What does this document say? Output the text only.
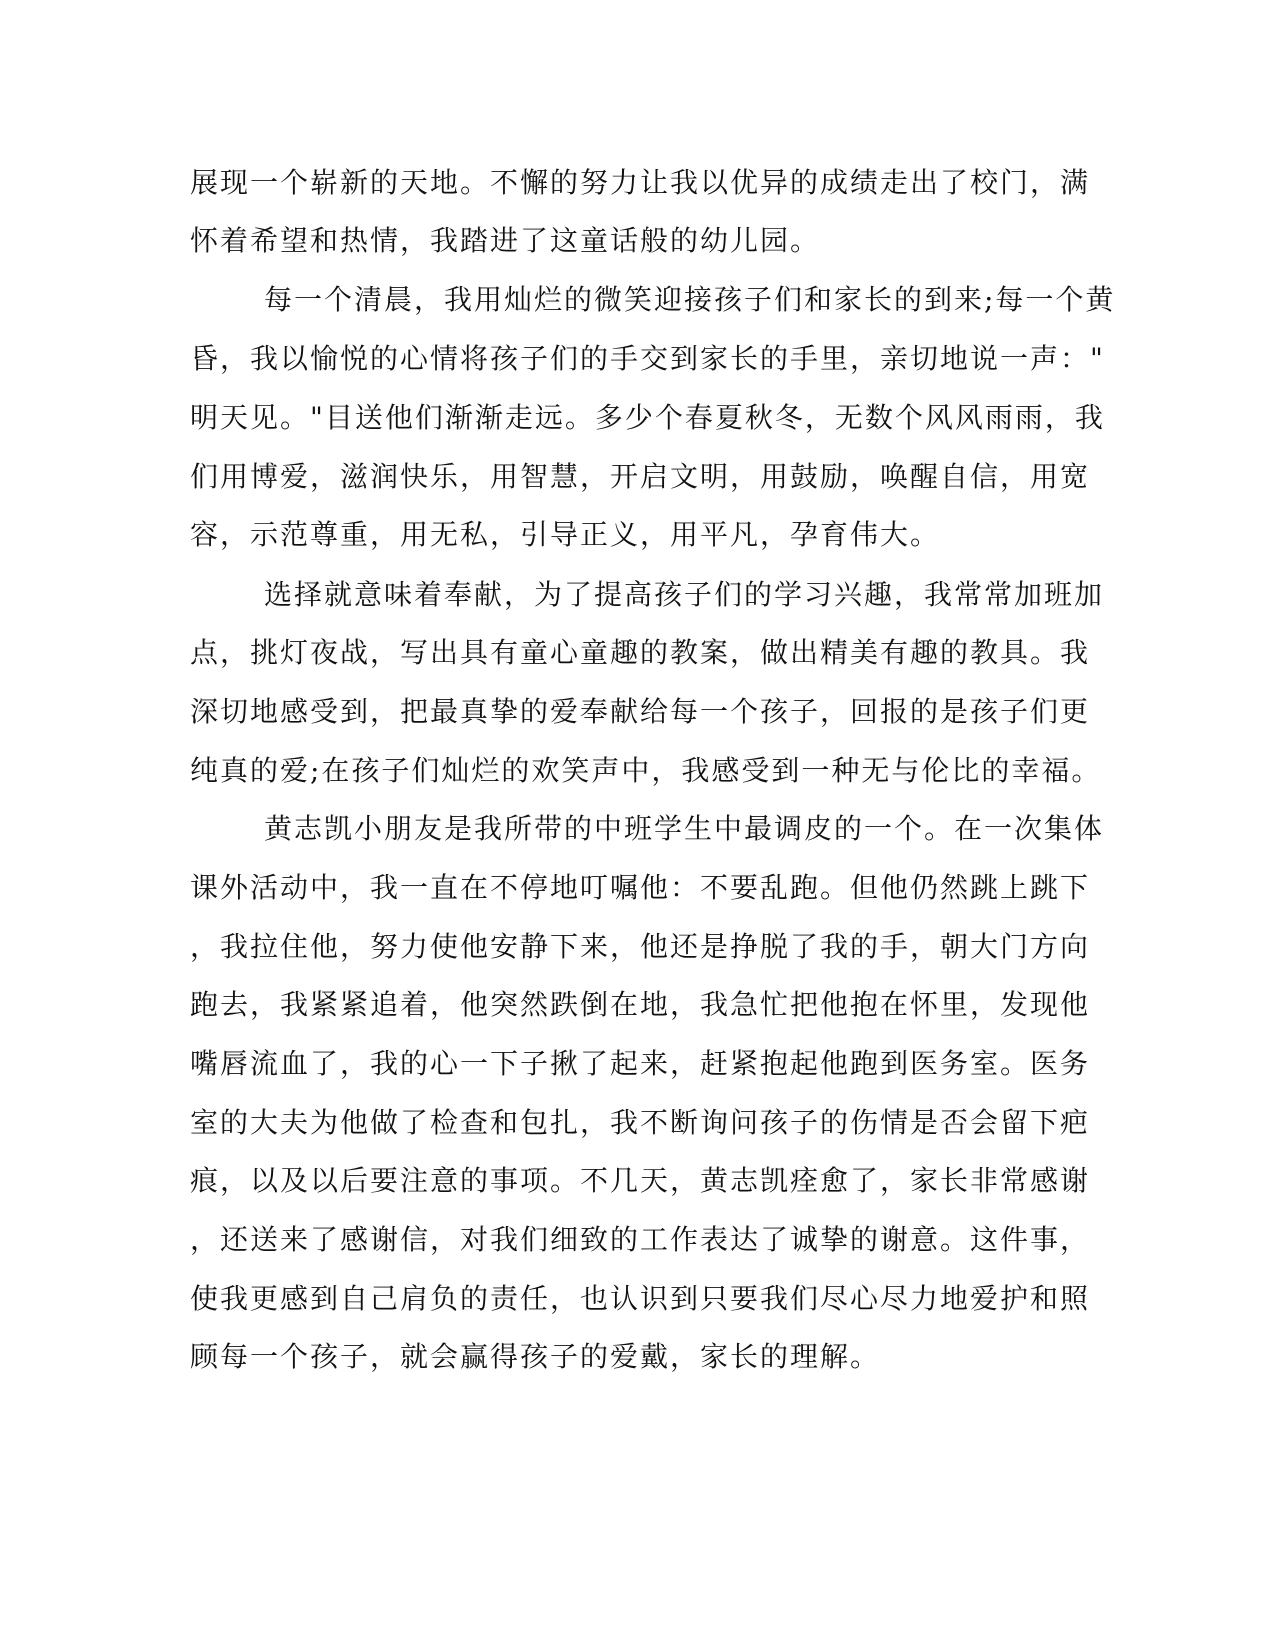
展现一个崭新的天地。不懈的努力让我以优异的成绩走出了校门，满
怀着希望和热情，我踏进了这童话般的幼儿园。
每一个清晨，我用灿烂的微笑迎接孩子们和家长的到来;每一个黄
昏，我以愉悦的心情将孩子们的手交到家长的手里，亲切地说一声："
明天见。"目送他们渐渐走远。多少个春夏秋冬，无数个风风雨雨，我
们用博爱，滋润快乐，用智慧，开启文明，用鼓励，唤醒自信，用宽
容，示范尊重，用无私，引导正义，用平凡，孕育伟大。
选择就意味着奉献，为了提高孩子们的学习兴趣，我常常加班加
点，挑灯夜战，写出具有童心童趣的教案，做出精美有趣的教具。我
深切地感受到，把最真挚的爱奉献给每一个孩子，回报的是孩子们更
纯真的爱;在孩子们灿烂的欢笑声中，我感受到一种无与伦比的幸福。
黄志凯小朋友是我所带的中班学生中最调皮的一个。在一次集体
课外活动中，我一直在不停地叮嘱他：不要乱跑。但他仍然跳上跳下
，我拉住他，努力使他安静下来，他还是挣脱了我的手，朝大门方向
跑去，我紧紧追着，他突然跌倒在地，我急忙把他抱在怀里，发现他
嘴唇流血了，我的心一下子揪了起来，赶紧抱起他跑到医务室。医务
室的大夫为他做了检查和包扎，我不断询问孩子的伤情是否会留下疤
痕，以及以后要注意的事项。不几天，黄志凯痊愈了，家长非常感谢
，还送来了感谢信，对我们细致的工作表达了诚挚的谢意。这件事，
使我更感到自己肩负的责任，也认识到只要我们尽心尽力地爱护和照
顾每一个孩子，就会赢得孩子的爱戴，家长的理解。
